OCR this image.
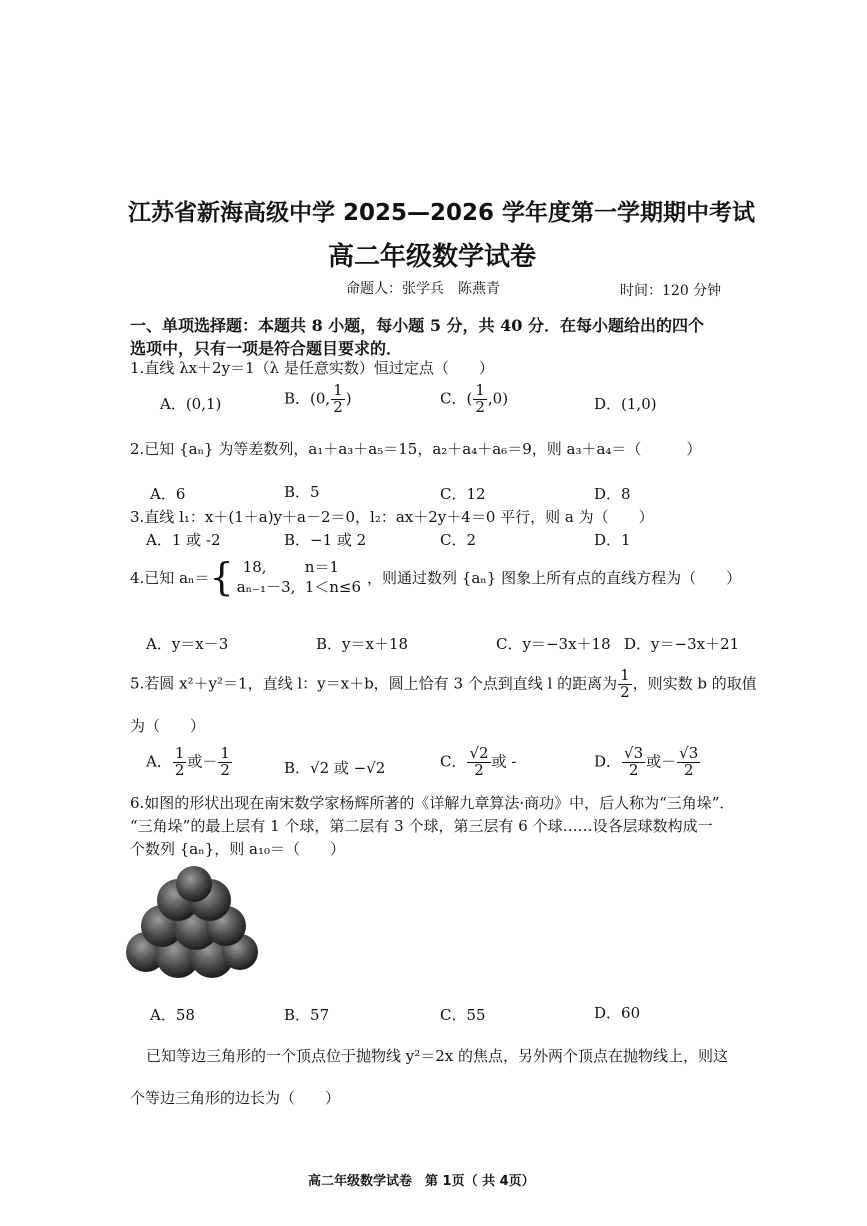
江苏省新海高级中学 2025—2026 学年度第一学期期中考试
高二年级数学试卷
命题人：张学兵　陈燕青	时间：120 分钟
一、单项选择题：本题共 8 小题，每小题 5 分，共 40 分．在每小题给出的四个
选项中，只有一项是符合题目要求的．
1.直线 λx＋2y＝1（λ 是任意实数）恒过定点（　　）
A．(0,1)	B．(0, $\frac{1}{2}$ )	C．( $\frac{1}{2} ,0$)	D．(1,0)
2.已知 {aₙ} 为等差数列，a₁＋a₃＋a₅＝15，a₂＋a₄＋a₆＝9，则 a₃＋a₄＝（　　　）
A．6	B．5	C．12	D．8
3.直线 l₁：x＋(1＋a)y＋a－2＝0，l₂：ax＋2y＋4＝0 平行，则 a 为（　　）
A．1 或 -2	B．−1 或 2	C．2	D．1
4.已知 aₙ＝{ 18,	n＝1
aₙ₋₁－3, 1＜n≤6，则通过数列 {aₙ} 图象上所有点的直线方程为（　　）
A．y＝x－3	B．y＝x＋18	C．y＝−3x＋18 D．y＝−3x＋21
5.若圆 x²＋y²＝1，直线 l：y＝x＋b，圆上恰有 3 个点到直线 l 的距离为 $\frac{1}{2}$ ，则实数 b 的取值
为（　　）
A． $\frac{1}{2}$ 或－ $\frac{1}{2}$	B．√2 或 −√2	C． $\frac{√2}{2}$ 或 -	D． $\frac{√3}{2}$ 或－ $\frac{√3}{2}$
6.如图的形状出现在南宋数学家杨辉所著的《详解九章算法·商功》中，后人称为“三角垛”．
“三角垛”的最上层有 1 个球，第二层有 3 个球，第三层有 6 个球……设各层球数构成一
个数列 {aₙ}，则 a₁₀＝（　　）
A．58	B．57	C．55	D．60
已知等边三角形的一个顶点位于抛物线 y²＝2x 的焦点，另外两个顶点在抛物线上，则这
个等边三角形的边长为（　　）
高二年级数学试卷　第 1页（ 共 4页）
